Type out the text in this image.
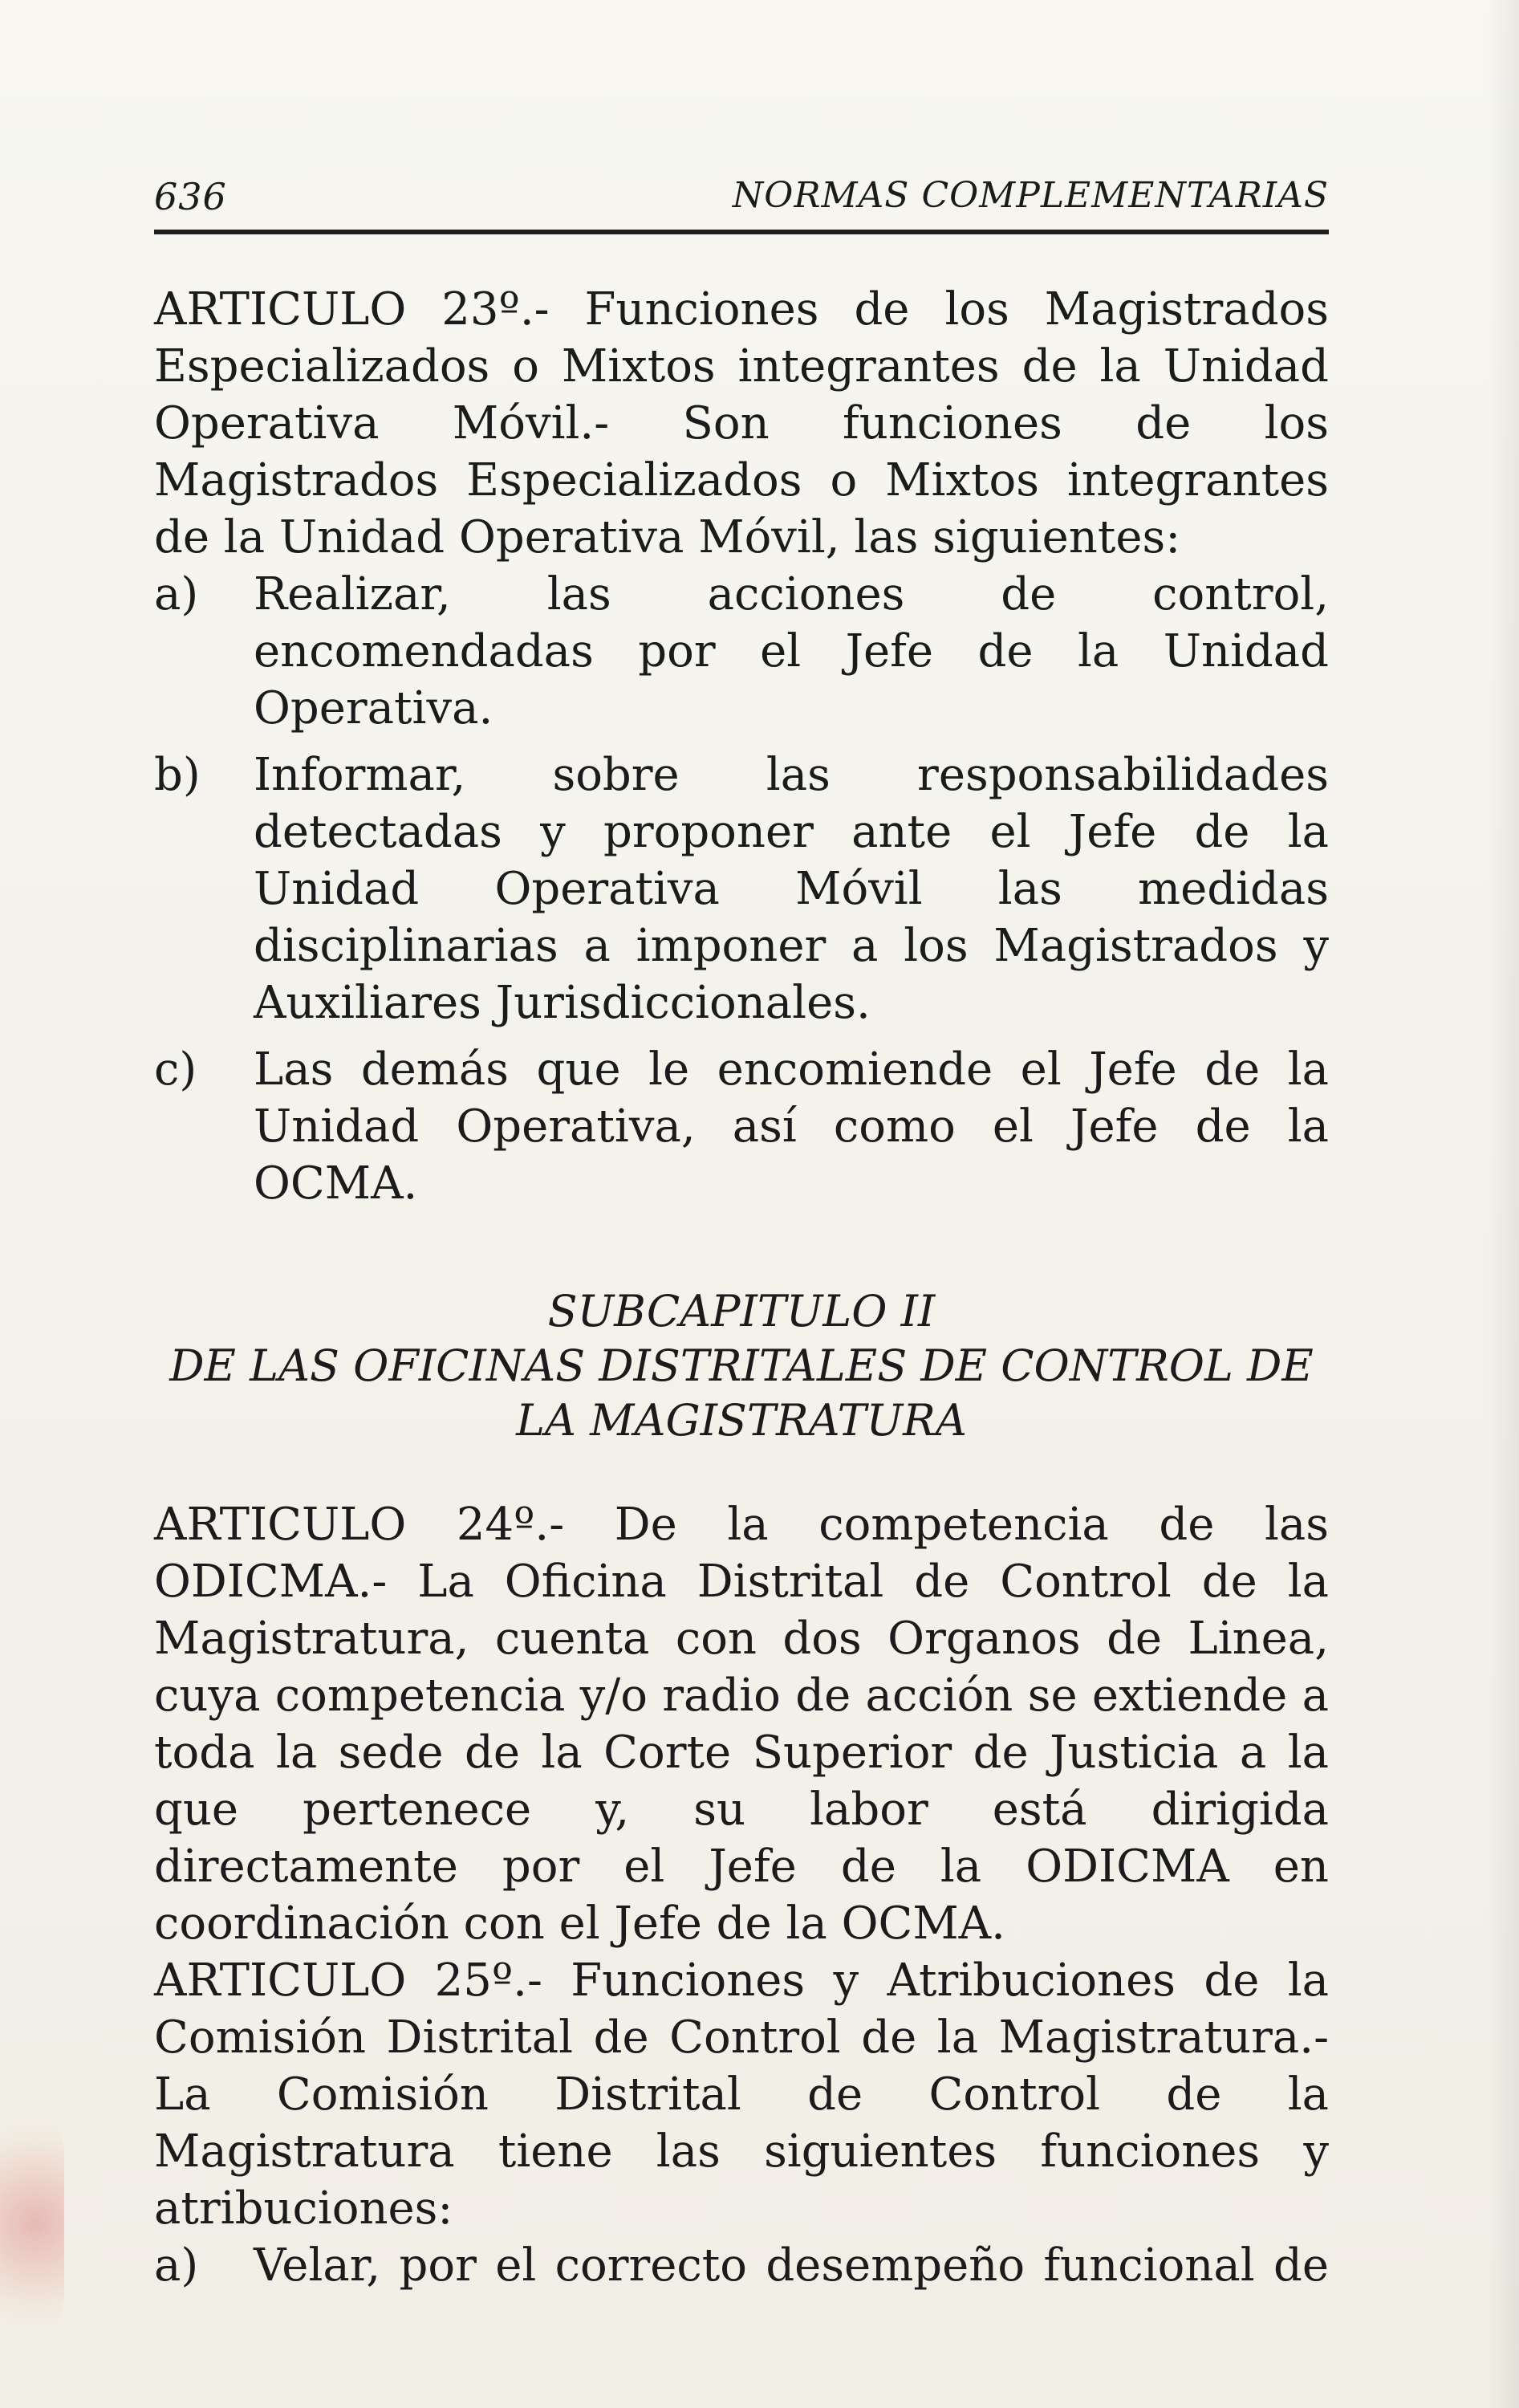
636	NORMAS COMPLEMENTARIAS

ARTICULO 23º.- Funciones de los Magistrados Especializados o Mixtos integrantes de la Unidad Operativa Móvil.- Son funciones de los Magistrados Especializados o Mixtos integrantes de la Unidad Operativa Móvil, las siguientes:

a)	Realizar, las acciones de control, encomendadas por el Jefe de la Unidad Operativa.
b)	Informar, sobre las responsabilidades detectadas y proponer ante el Jefe de la Unidad Operativa Móvil las medidas disciplinarias a imponer a los Magistrados y Auxiliares Jurisdiccionales.
c)	Las demás que le encomiende el Jefe de la Unidad Operativa, así como el Jefe de la OCMA.
SUBCAPITULO II
DE LAS OFICINAS DISTRITALES DE CONTROL DE
LA MAGISTRATURA

ARTICULO 24º.- De la competencia de las ODICMA.- La Oficina Distrital de Control de la Magistratura, cuenta con dos Organos de Linea, cuya competencia y/o radio de acción se extiende a toda la sede de la Corte Superior de Justicia a la que pertenece y, su labor está dirigida directamente por el Jefe de la ODICMA en coordinación con el Jefe de la OCMA.

ARTICULO 25º.- Funciones y Atribuciones de la Comisión Distrital de Control de la Magistratura.- La Comisión Distrital de Control de la Magistratura tiene las siguientes funciones y atribuciones:

a)	Velar, por el correcto desempeño funcional de
